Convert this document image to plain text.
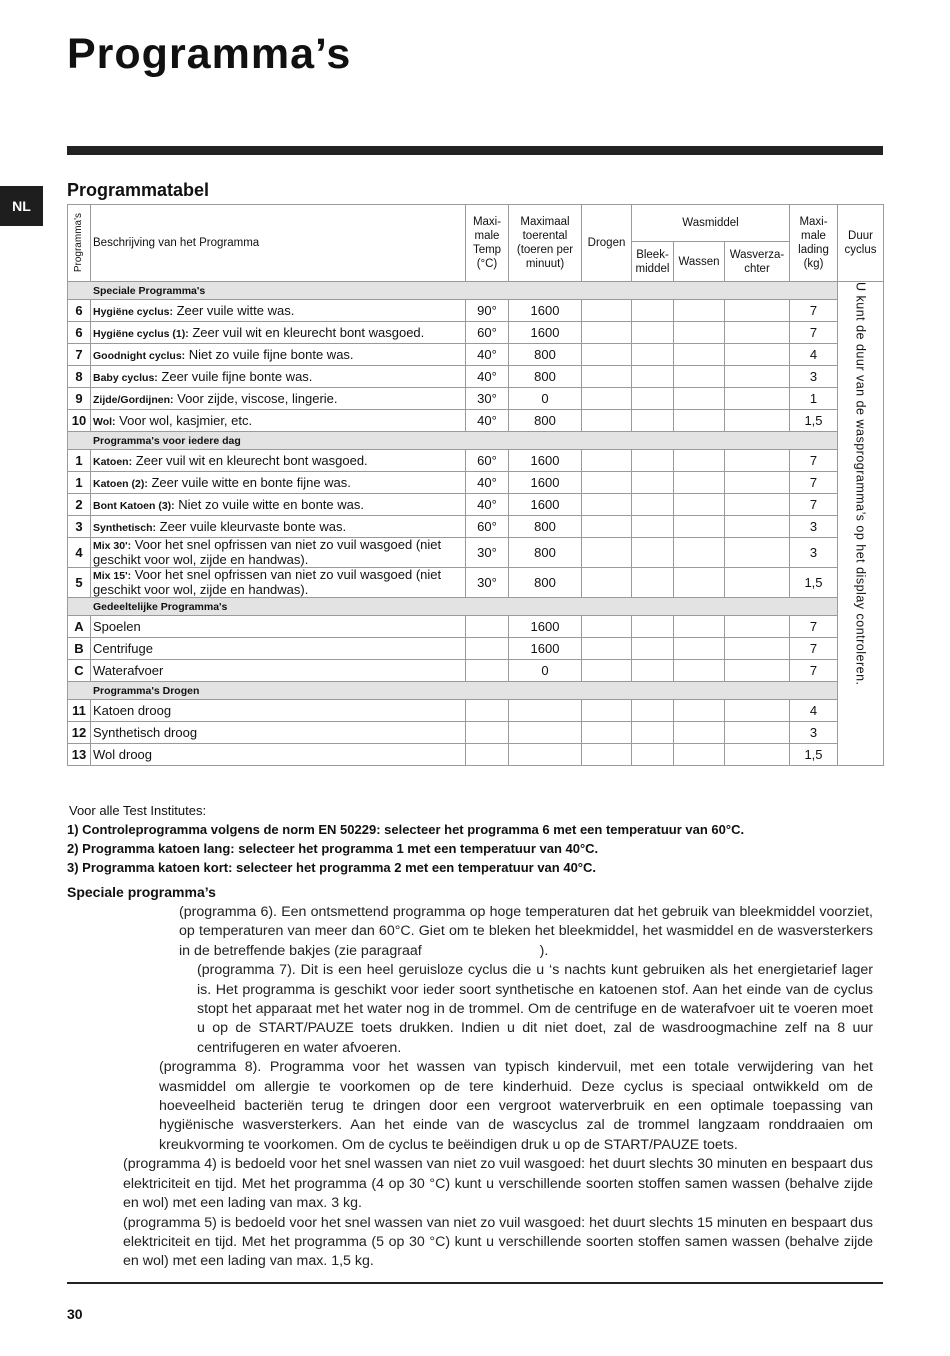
Programma’s
NL
Programmatabel
Programma's	Beschrijving van het Programma	Maxi-male Temp (°C)	Maximaal toerental (toeren per minuut)	Drogen	Wasmiddel			Maxi-male lading (kg)	Duur cyclus
					Bleek-middel	Wassen	Wasverza-chter		
Speciale Programma's									U kunt de duur van de wasprogramma’s op het display controleren.

6	Hygiëne cyclus: Zeer vuile witte was.	90°	1600					7	
6	Hygiëne cyclus (1): Zeer vuil wit en kleurecht bont wasgoed.	60°	1600					7	
7	Goodnight cyclus: Niet zo vuile fijne bonte was.	40°	800					4	
8	Baby cyclus: Zeer vuile fijne bonte was.	40°	800					3	
9	Zijde/Gordijnen: Voor zijde, viscose, lingerie.	30°	0					1	
10	Wol: Voor wol, kasjmier, etc.	40°	800					1,5	
Programma's voor iedere dag									
1	Katoen: Zeer vuil wit en kleurecht bont wasgoed.	60°	1600					7	
1	Katoen (2): Zeer vuile witte en bonte fijne was.	40°	1600					7	
2	Bont Katoen (3): Niet zo vuile witte en bonte was.	40°	1600					7	
3	Synthetisch: Zeer vuile kleurvaste bonte was.	60°	800					3	
4	Mix 30': Voor het snel opfrissen van niet zo vuil wasgoed (niet geschikt voor wol, zijde en handwas).	30°	800					3	
5	Mix 15': Voor het snel opfrissen van niet zo vuil wasgoed (niet geschikt voor wol, zijde en handwas).	30°	800					1,5	
Gedeeltelijke Programma's									
A	Spoelen		1600					7	
B	Centrifuge		1600					7	
C	Waterafvoer		0					7	
Programma's Drogen									
11	Katoen droog							4	
12	Synthetisch droog							3	
13	Wol droog							1,5	
Voor alle Test Institutes:
1) Controleprogramma volgens de norm EN 50229: selecteer het programma 6 met een temperatuur van 60°C.
2) Programma katoen lang: selecteer het programma 1 met een temperatuur van 40°C.
3) Programma katoen kort: selecteer het programma 2 met een temperatuur van 40°C.
Speciale programma’s

(programma 6). Een ontsmettend programma op hoge temperaturen dat het gebruik van bleekmiddel voorziet, op temperaturen van meer dan 60°C. Giet om te bleken het bleekmiddel, het wasmiddel en de wasversterkers in de betreffende bakjes (zie paragraaf	).

(programma 7). Dit is een heel geruisloze cyclus die u ‘s nachts kunt gebruiken als het energietarief lager is. Het programma is geschikt voor ieder soort synthetische en katoenen stof. Aan het einde van de cyclus stopt het apparaat met het water nog in de trommel. Om de centrifuge en de waterafvoer uit te voeren moet u op de START/PAUZE toets drukken. Indien u dit niet doet, zal de wasdroogmachine zelf na 8 uur centrifugeren en water afvoeren.

(programma 8). Programma voor het wassen van typisch kindervuil, met een totale verwijdering van het wasmiddel om allergie te voorkomen op de tere kinderhuid. Deze cyclus is speciaal ontwikkeld om de hoeveelheid bacteriën terug te dringen door een vergroot waterverbruik en een optimale toepassing van hygiënische wasversterkers. Aan het einde van de wascyclus zal de trommel langzaam ronddraaien om kreukvorming te voorkomen. Om de cyclus te beëindigen druk u op de START/PAUZE toets.

(programma 4) is bedoeld voor het snel wassen van niet zo vuil wasgoed: het duurt slechts 30 minuten en bespaart dus elektriciteit en tijd. Met het programma (4 op 30 °C) kunt u verschillende soorten stoffen samen wassen (behalve zijde en wol) met een lading van max. 3 kg.

(programma 5) is bedoeld voor het snel wassen van niet zo vuil wasgoed: het duurt slechts 15 minuten en bespaart dus elektriciteit en tijd. Met het programma (5 op 30 °C) kunt u verschillende soorten stoffen samen wassen (behalve zijde en wol) met een lading van max. 1,5 kg.

30
